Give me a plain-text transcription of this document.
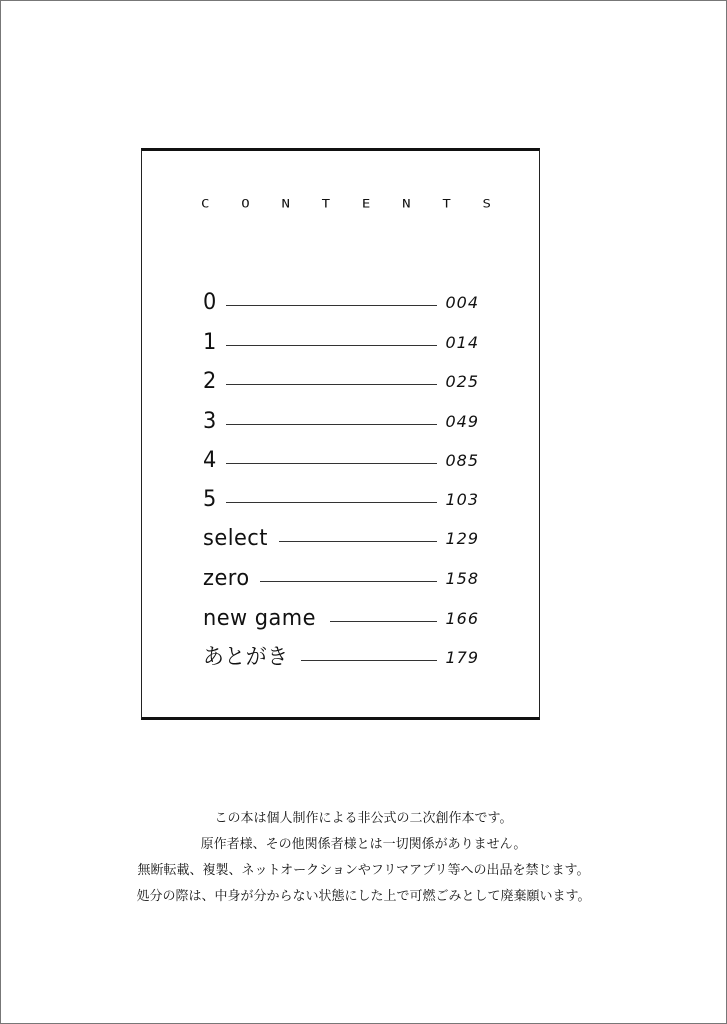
C O N T E N T S
0	004
1	014
2	025
3	049
4	085
5	103
select	129
zero	158
new game	166
あとがき	179
この本は個人制作による非公式の二次創作本です。
原作者様、その他関係者様とは一切関係がありません。
無断転載、複製、ネットオークションやフリマアプリ等への出品を禁じます。
処分の際は、中身が分からない状態にした上で可燃ごみとして廃棄願います。
